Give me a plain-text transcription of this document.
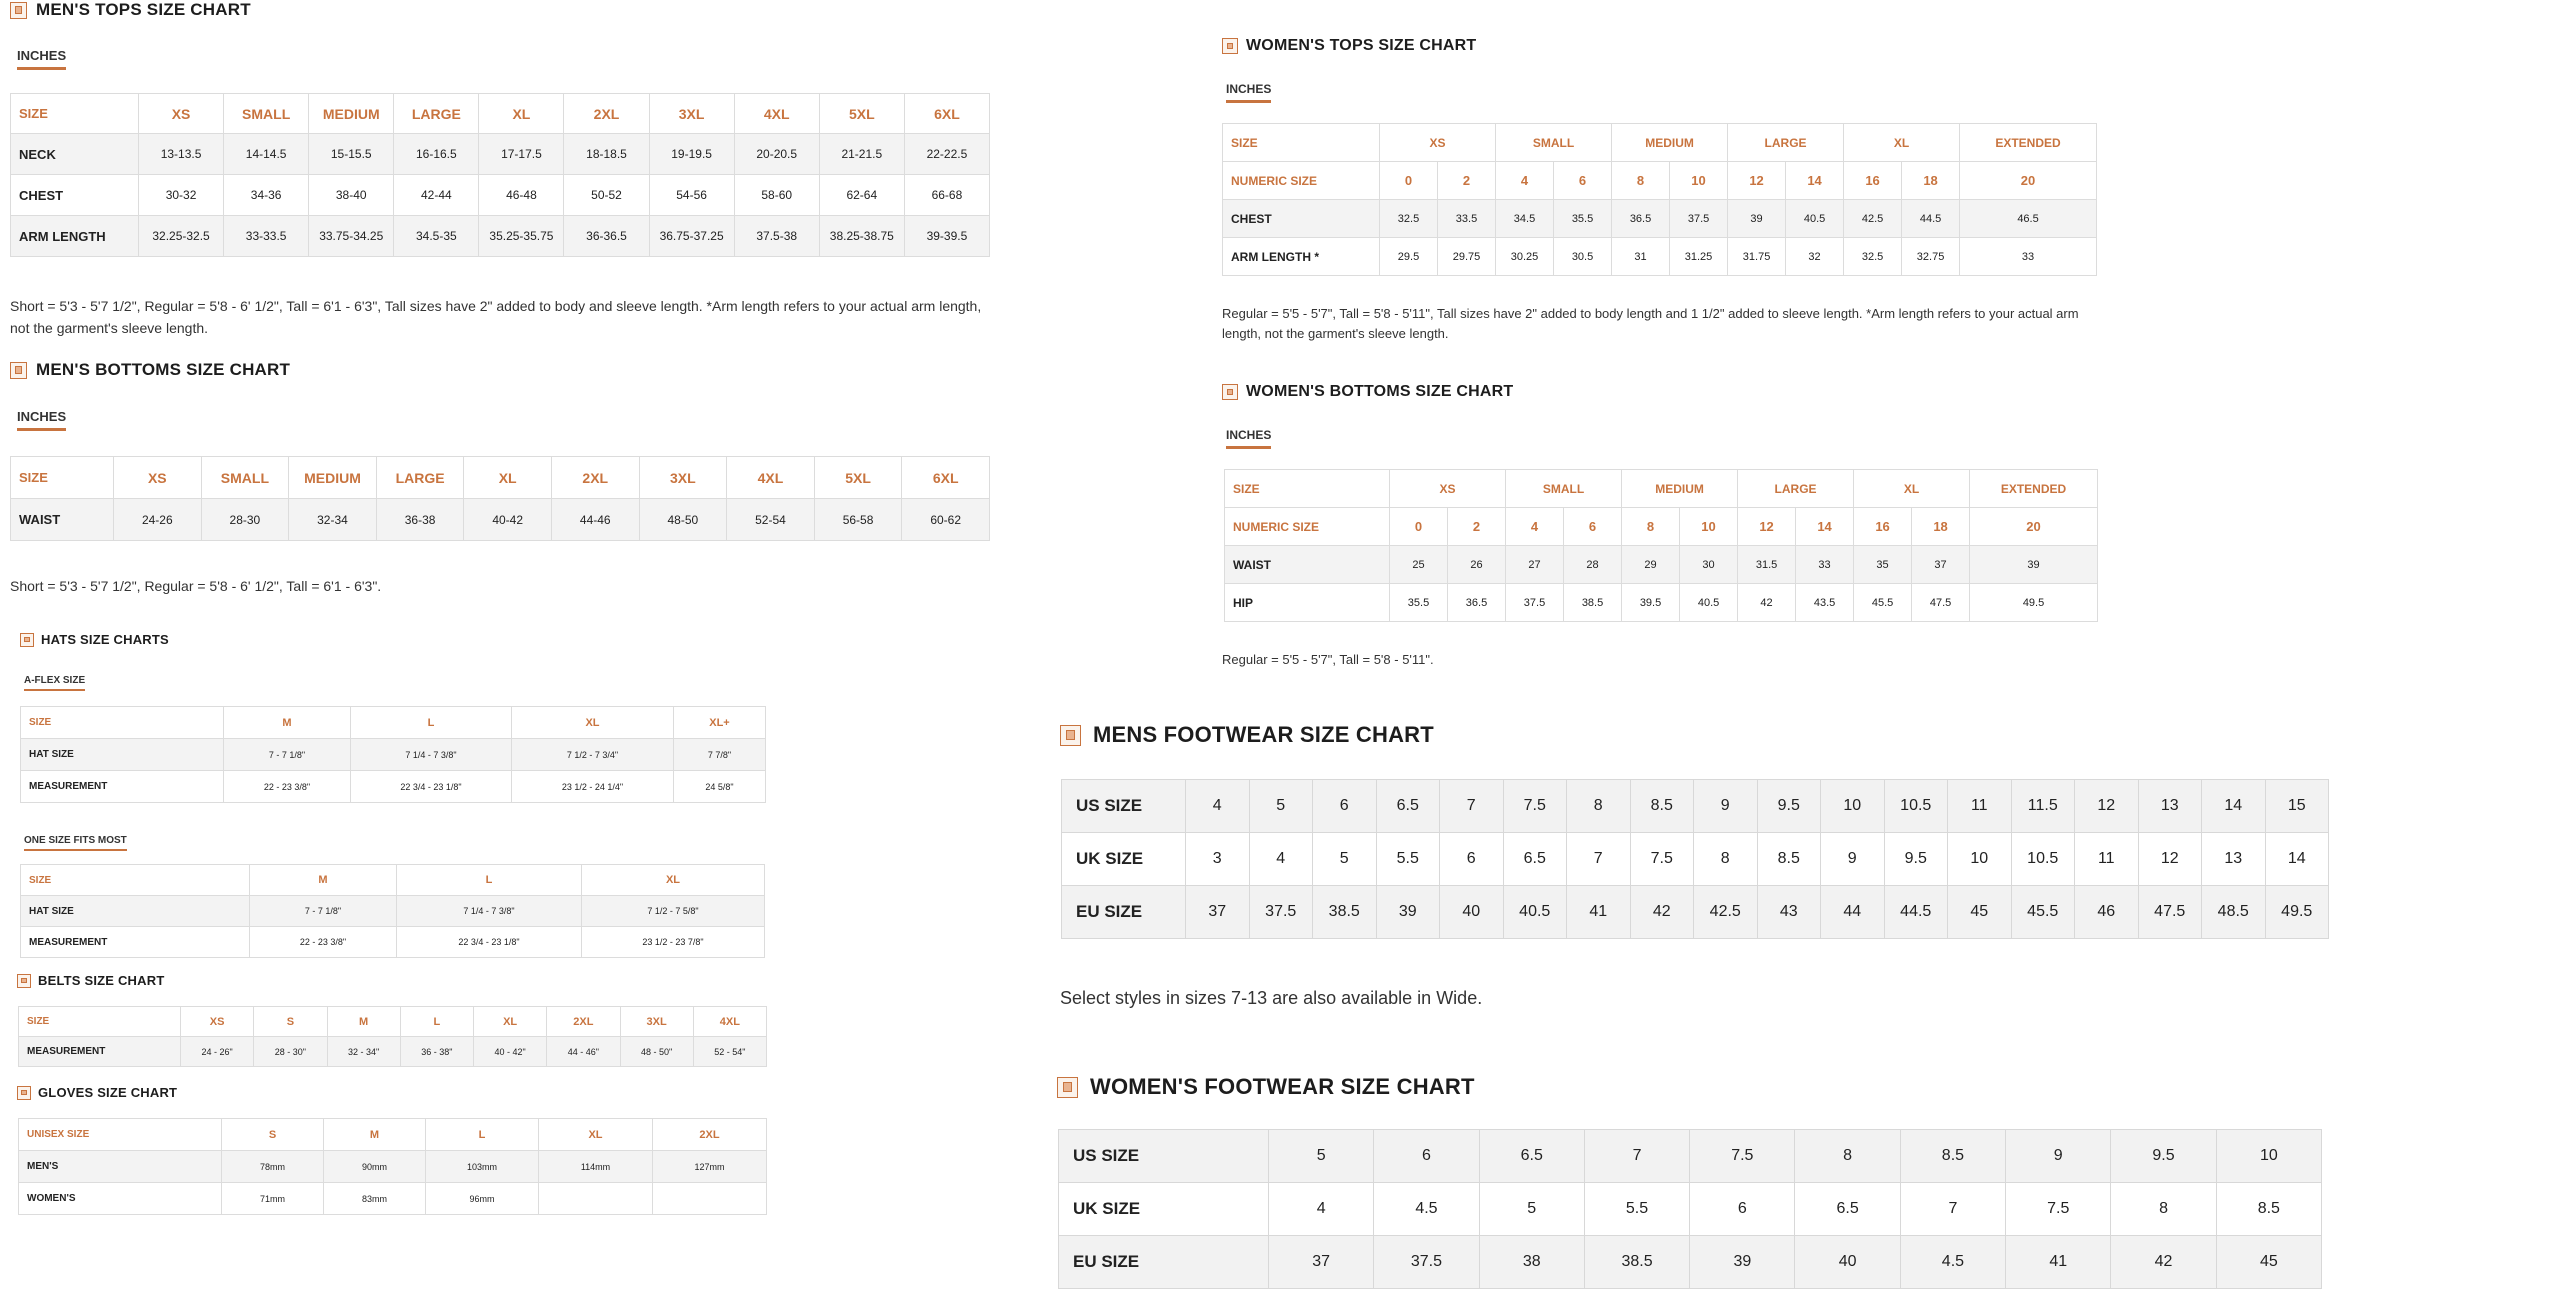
MEN'S TOPS SIZE CHART
INCHES
SIZE	XS	SMALL	MEDIUM	LARGE	XL	2XL	3XL	4XL	5XL	6XL
NECK	13-13.5	14-14.5	15-15.5	16-16.5	17-17.5	18-18.5	19-19.5	20-20.5	21-21.5	22-22.5
CHEST	30-32	34-36	38-40	42-44	46-48	50-52	54-56	58-60	62-64	66-68
ARM LENGTH	32.25-32.5	33-33.5	33.75-34.25	34.5-35	35.25-35.75	36-36.5	36.75-37.25	37.5-38	38.25-38.75	39-39.5
Short = 5'3 - 5'7 1/2", Regular = 5'8 - 6' 1/2", Tall = 6'1 - 6'3", Tall sizes have 2" added to body and sleeve length. *Arm length refers to your actual arm length, not the garment's sleeve length.
MEN'S BOTTOMS SIZE CHART
INCHES
SIZE	XS	SMALL	MEDIUM	LARGE	XL	2XL	3XL	4XL	5XL	6XL
WAIST	24-26	28-30	32-34	36-38	40-42	44-46	48-50	52-54	56-58	60-62
Short = 5'3 - 5'7 1/2", Regular = 5'8 - 6' 1/2", Tall = 6'1 - 6'3".
HATS SIZE CHARTS
A-FLEX SIZE
SIZE	M	L	XL	XL+
HAT SIZE	7 - 7 1/8"	7 1/4 - 7 3/8"	7 1/2 - 7 3/4"	7 7/8"
MEASUREMENT	22 - 23 3/8"	22 3/4 - 23 1/8"	23 1/2 - 24 1/4"	24 5/8"
ONE SIZE FITS MOST
SIZE	M	L	XL
HAT SIZE	7 - 7 1/8"	7 1/4 - 7 3/8"	7 1/2 - 7 5/8"
MEASUREMENT	22 - 23 3/8"	22 3/4 - 23 1/8"	23 1/2 - 23 7/8"
BELTS SIZE CHART
SIZE	XS	S	M	L	XL	2XL	3XL	4XL
MEASUREMENT	24 - 26"	28 - 30"	32 - 34"	36 - 38"	40 - 42"	44 - 46"	48 - 50"	52 - 54"
GLOVES SIZE CHART
UNISEX SIZE	S	M	L	XL	2XL
MEN'S	78mm	90mm	103mm	114mm	127mm
WOMEN'S	71mm	83mm	96mm		
WOMEN'S TOPS SIZE CHART
INCHES
SIZE	XS		SMALL		MEDIUM		LARGE		XL		EXTENDED
NUMERIC SIZE	0	2	4	6	8	10	12	14	16	18	20
CHEST	32.5	33.5	34.5	35.5	36.5	37.5	39	40.5	42.5	44.5	46.5
ARM LENGTH *	29.5	29.75	30.25	30.5	31	31.25	31.75	32	32.5	32.75	33
Regular = 5'5 - 5'7", Tall = 5'8 - 5'11", Tall sizes have 2" added to body length and 1 1/2" added to sleeve length. *Arm length refers to your actual arm length, not the garment's sleeve length.
WOMEN'S BOTTOMS SIZE CHART
INCHES
SIZE	XS		SMALL		MEDIUM		LARGE		XL		EXTENDED
NUMERIC SIZE	0	2	4	6	8	10	12	14	16	18	20
WAIST	25	26	27	28	29	30	31.5	33	35	37	39
HIP	35.5	36.5	37.5	38.5	39.5	40.5	42	43.5	45.5	47.5	49.5
Regular = 5'5 - 5'7", Tall = 5'8 - 5'11".
MENS FOOTWEAR SIZE CHART
US SIZE	4	5	6	6.5	7	7.5	8	8.5	9	9.5	10	10.5	11	11.5	12	13	14	15
UK SIZE	3	4	5	5.5	6	6.5	7	7.5	8	8.5	9	9.5	10	10.5	11	12	13	14
EU SIZE	37	37.5	38.5	39	40	40.5	41	42	42.5	43	44	44.5	45	45.5	46	47.5	48.5	49.5
Select styles in sizes 7-13 are also available in Wide.
WOMEN'S FOOTWEAR SIZE CHART
US SIZE	5	6	6.5	7	7.5	8	8.5	9	9.5	10
UK SIZE	4	4.5	5	5.5	6	6.5	7	7.5	8	8.5
EU SIZE	37	37.5	38	38.5	39	40	4.5	41	42	45
